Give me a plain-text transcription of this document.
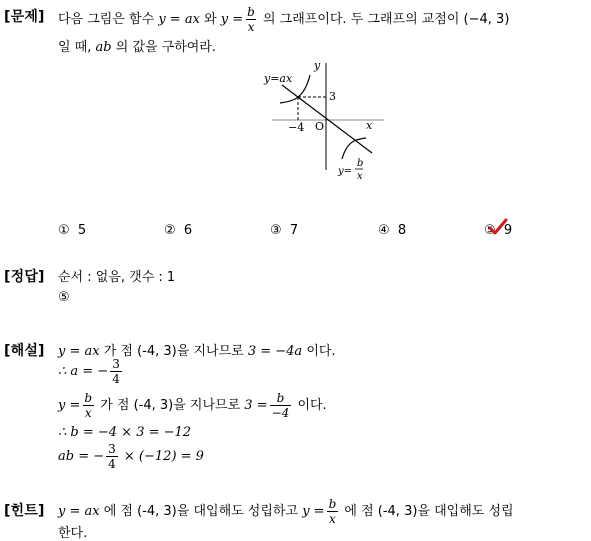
[문제] 다음 그림은 함수 y = ax 와 $y = \frac{b}{x}$ 의 그래프이다. 두 그래프의 교점이 (−4, 3)
일 때, ab 의 값을 구하여라.
y
x
O
−4
3
y=ax
y=
b
x
① 5	② 6	③ 7	④ 8	⑤ 9
[정답] 순서 : 없음, 갯수 : 1
⑤
[해설] y = ax 가 점 (-4, 3)을 지나므로 3 = −4a 이다.
∴ a = − $\frac{3}{4}$
$y = \frac{b}{x}$ 가 점 (-4, 3)을 지나므로 $3 = \frac{b}{-4}$ 이다.
∴ b = −4 × 3 = −12
ab = − $\frac{3}{4} \times (-12) = 9$
[힌트] y = ax 에 점 (-4, 3)을 대입해도 성립하고 $y = \frac{b}{x}$ 에 점 (-4, 3)을 대입해도 성립
한다.
